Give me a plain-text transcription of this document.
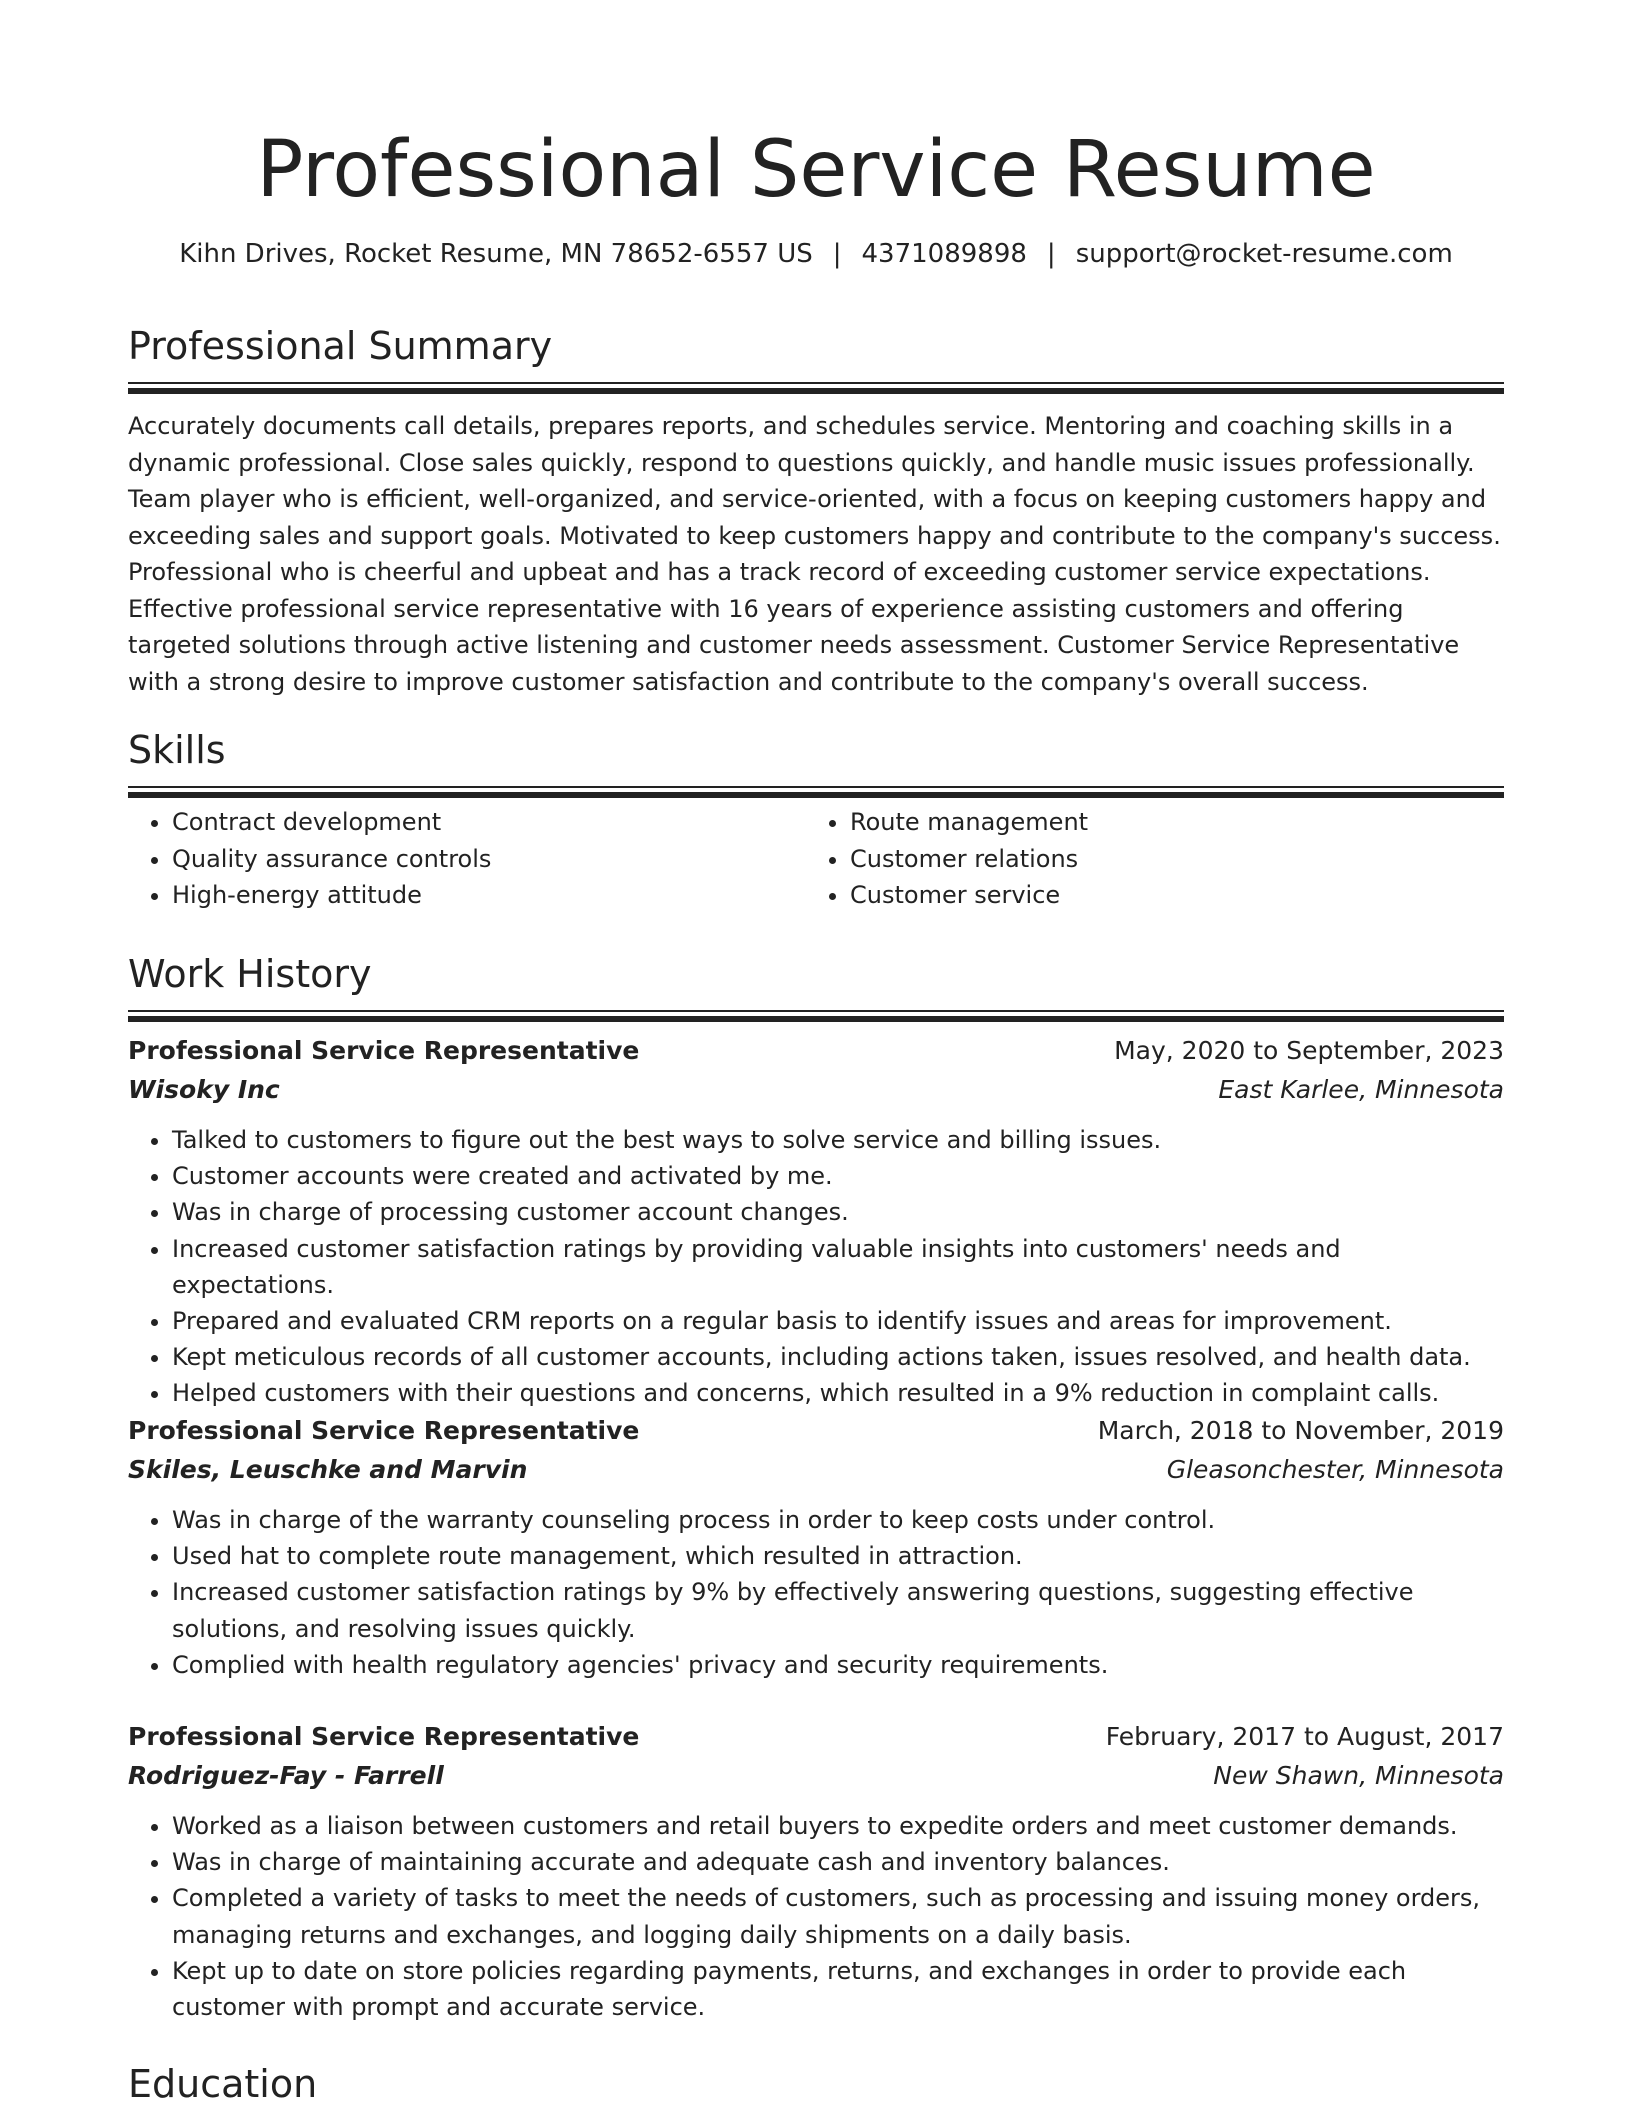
Professional Service Resume
Kihn Drives, Rocket Resume, MN 78652-6557 US | 4371089898 | support@rocket-resume.com
Professional Summary

Accurately documents call details, prepares reports, and schedules service. Mentoring and coaching skills in a dynamic professional. Close sales quickly, respond to questions quickly, and handle music issues professionally. Team player who is efficient, well-organized, and service-oriented, with a focus on keeping customers happy and exceeding sales and support goals. Motivated to keep customers happy and contribute to the company's success. Professional who is cheerful and upbeat and has a track record of exceeding customer service expectations. Effective professional service representative with 16 years of experience assisting customers and offering targeted solutions through active listening and customer needs assessment. Customer Service Representative with a strong desire to improve customer satisfaction and contribute to the company's overall success.

Skills
• Contract development
• Quality assurance controls
• High-energy attitude
• Route management
• Customer relations
• Customer service
Work History
Professional Service Representative	May, 2020 to September, 2023
Wisoky Inc	East Karlee, Minnesota
• Talked to customers to figure out the best ways to solve service and billing issues.
• Customer accounts were created and activated by me.
• Was in charge of processing customer account changes.
• Increased customer satisfaction ratings by providing valuable insights into customers' needs and expectations.
• Prepared and evaluated CRM reports on a regular basis to identify issues and areas for improvement.
• Kept meticulous records of all customer accounts, including actions taken, issues resolved, and health data.
• Helped customers with their questions and concerns, which resulted in a 9% reduction in complaint calls.
Professional Service Representative	March, 2018 to November, 2019
Skiles, Leuschke and Marvin	Gleasonchester, Minnesota
• Was in charge of the warranty counseling process in order to keep costs under control.
• Used hat to complete route management, which resulted in attraction.
• Increased customer satisfaction ratings by 9% by effectively answering questions, suggesting effective solutions, and resolving issues quickly.
• Complied with health regulatory agencies' privacy and security requirements.
Professional Service Representative	February, 2017 to August, 2017
Rodriguez-Fay - Farrell	New Shawn, Minnesota
• Worked as a liaison between customers and retail buyers to expedite orders and meet customer demands.
• Was in charge of maintaining accurate and adequate cash and inventory balances.
• Completed a variety of tasks to meet the needs of customers, such as processing and issuing money orders, managing returns and exchanges, and logging daily shipments on a daily basis.
• Kept up to date on store policies regarding payments, returns, and exchanges in order to provide each customer with prompt and accurate service.
Education
